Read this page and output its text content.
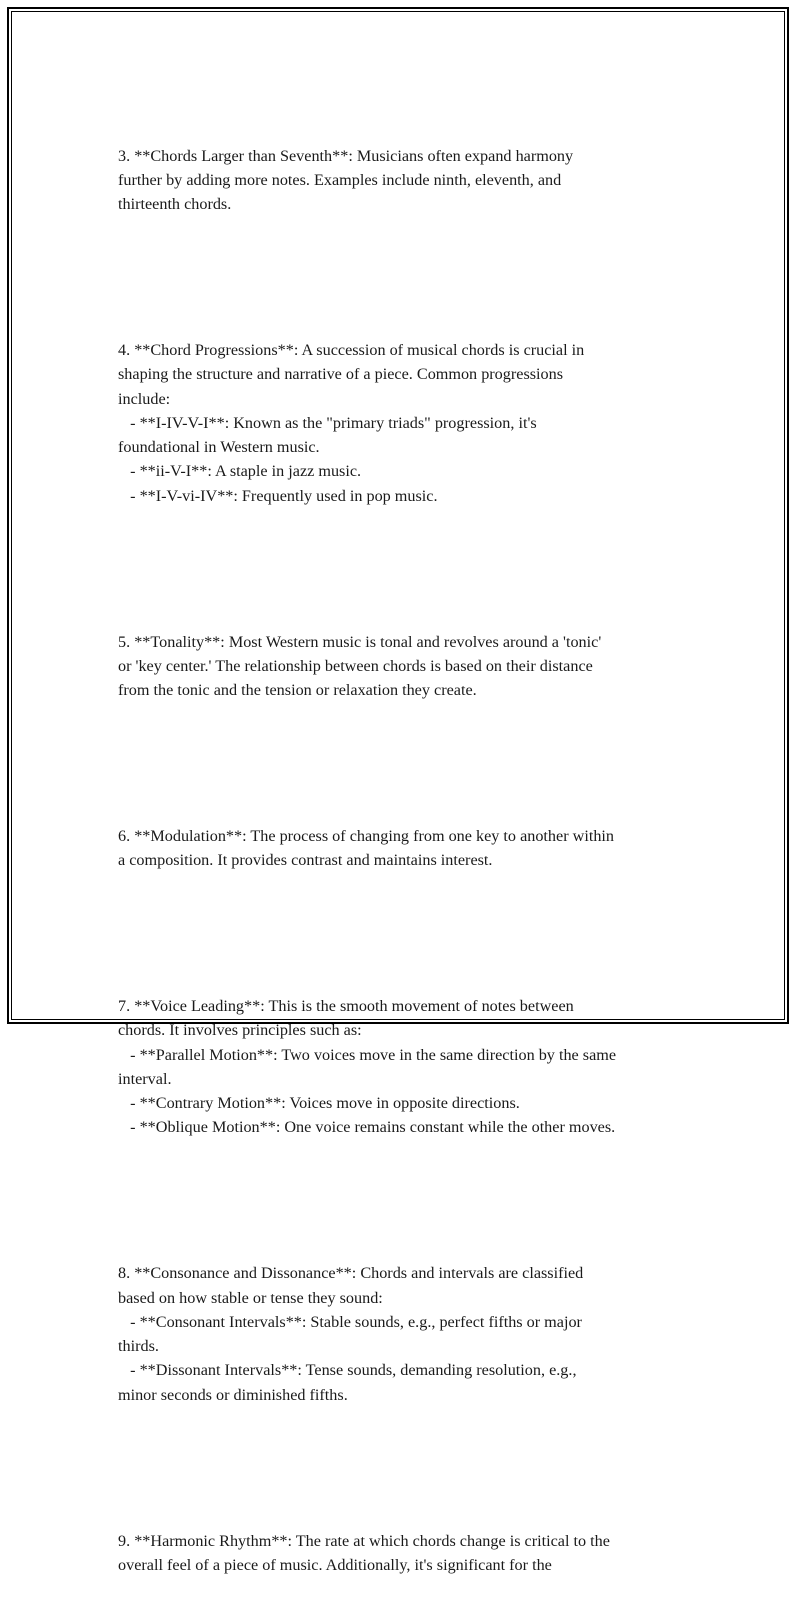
3. **Chords Larger than Seventh**: Musicians often expand harmony
further by adding more notes. Examples include ninth, eleventh, and
thirteenth chords.

4. **Chord Progressions**: A succession of musical chords is crucial in
shaping the structure and narrative of a piece. Common progressions
include:
- **I-IV-V-I**: Known as the "primary triads" progression, it's
foundational in Western music.
- **ii-V-I**: A staple in jazz music.
- **I-V-vi-IV**: Frequently used in pop music.

5. **Tonality**: Most Western music is tonal and revolves around a 'tonic'
or 'key center.' The relationship between chords is based on their distance
from the tonic and the tension or relaxation they create.

6. **Modulation**: The process of changing from one key to another within
a composition. It provides contrast and maintains interest.

7. **Voice Leading**: This is the smooth movement of notes between
chords. It involves principles such as:
- **Parallel Motion**: Two voices move in the same direction by the same
interval.
- **Contrary Motion**: Voices move in opposite directions.
- **Oblique Motion**: One voice remains constant while the other moves.

8. **Consonance and Dissonance**: Chords and intervals are classified
based on how stable or tense they sound:
- **Consonant Intervals**: Stable sounds, e.g., perfect fifths or major
thirds.
- **Dissonant Intervals**: Tense sounds, demanding resolution, e.g.,
minor seconds or diminished fifths.

9. **Harmonic Rhythm**: The rate at which chords change is critical to the
overall feel of a piece of music. Additionally, it's significant for the
